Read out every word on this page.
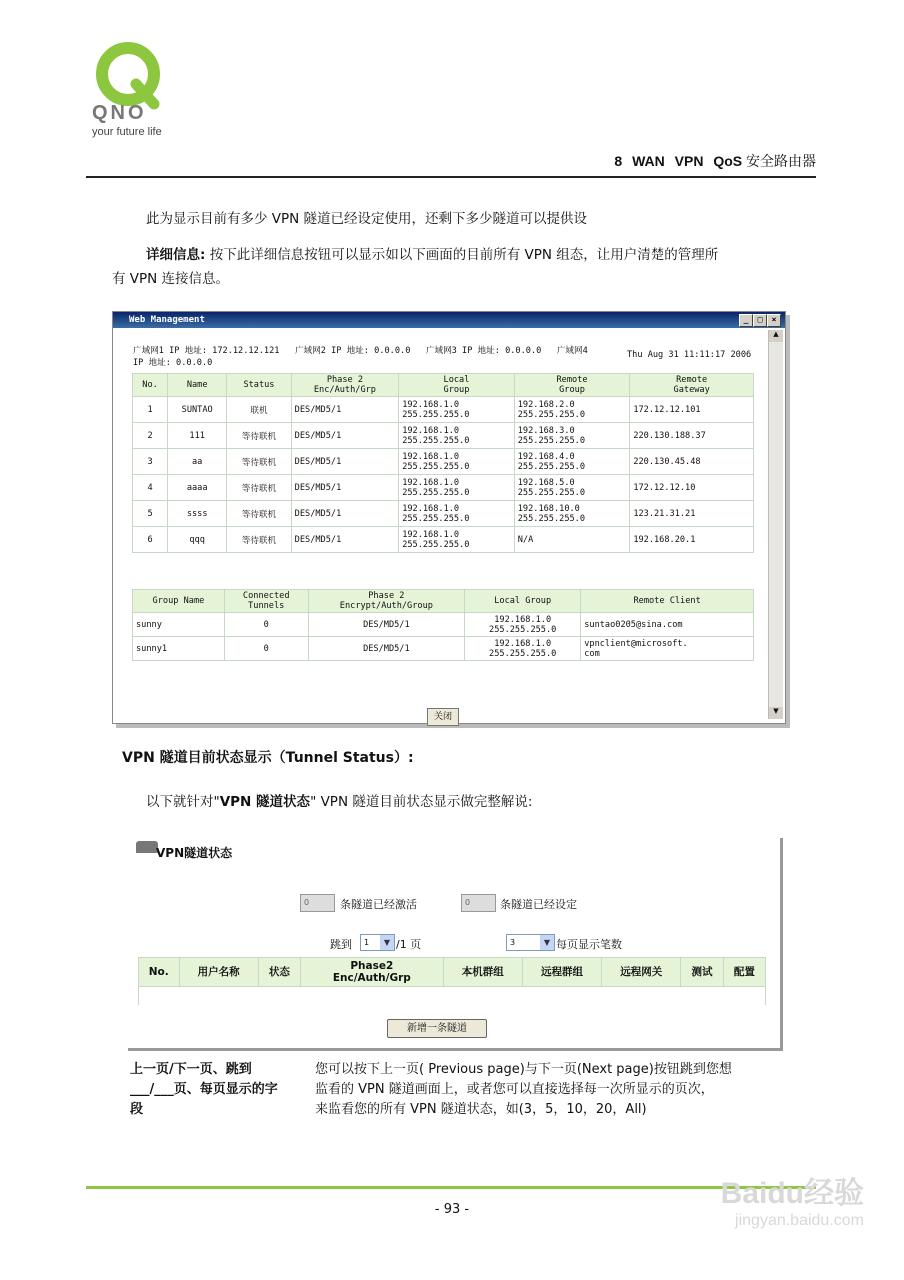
QNO
your future life
8 WAN VPN QoS 安全路由器
此为显示目前有多少 VPN 隧道已经设定使用，还剩下多少隧道可以提供设
详细信息: 按下此详细信息按钮可以显示如以下画面的目前所有 VPN 组态，让用户清楚的管理所
有 VPN 连接信息。
Web Management	_	□	×
广域网1 IP 地址: 172.12.12.121   广域网2 IP 地址: 0.0.0.0   广域网3 IP 地址: 0.0.0.0   广域网4
IP 地址: 0.0.0.0
Thu Aug 31 11:11:17 2006
No.	Name	Status	Phase 2
Enc/Auth/Grp	Local
Group	Remote
Group	Remote
Gateway
1	SUNTAO	联机	DES/MD5/1	192.168.1.0
255.255.255.0	192.168.2.0
255.255.255.0	172.12.12.101
2	111	等待联机	DES/MD5/1	192.168.1.0
255.255.255.0	192.168.3.0
255.255.255.0	220.130.188.37
3	aa	等待联机	DES/MD5/1	192.168.1.0
255.255.255.0	192.168.4.0
255.255.255.0	220.130.45.48
4	aaaa	等待联机	DES/MD5/1	192.168.1.0
255.255.255.0	192.168.5.0
255.255.255.0	172.12.12.10
5	ssss	等待联机	DES/MD5/1	192.168.1.0
255.255.255.0	192.168.10.0
255.255.255.0	123.21.31.21
6	qqq	等待联机	DES/MD5/1	192.168.1.0
255.255.255.0	N/A	192.168.20.1
Group Name	Connected
Tunnels	Phase 2
Encrypt/Auth/Group	Local Group	Remote Client
sunny	0	DES/MD5/1	192.168.1.0
255.255.255.0	suntao0205@sina.com
sunny1	0	DES/MD5/1	192.168.1.0
255.255.255.0	vpnclient@microsoft.
com
关闭
▲
▼
VPN 隧道目前状态显示（Tunnel Status）:
以下就针对"VPN 隧道状态" VPN 隧道目前状态显示做完整解说:
VPN隧道状态
0	条隧道已经激活	0	条隧道已经设定
跳到	1	▼ /1 页	3	▼ 每页显示笔数
No.	用户名称	状态	Phase2
Enc/Auth/Grp	本机群组	远程群组	远程网关	测试	配置

新增一条隧道
上一页/下一页、跳到
___/___页、每页显示的字
段
您可以按下上一页( Previous page)与下一页(Next page)按钮跳到您想
监看的 VPN 隧道画面上，或者您可以直接选择每一次所显示的页次，
来监看您的所有 VPN 隧道状态，如(3，5，10，20，All)
- 93 -	Baidu经验
jingyan.baidu.com
